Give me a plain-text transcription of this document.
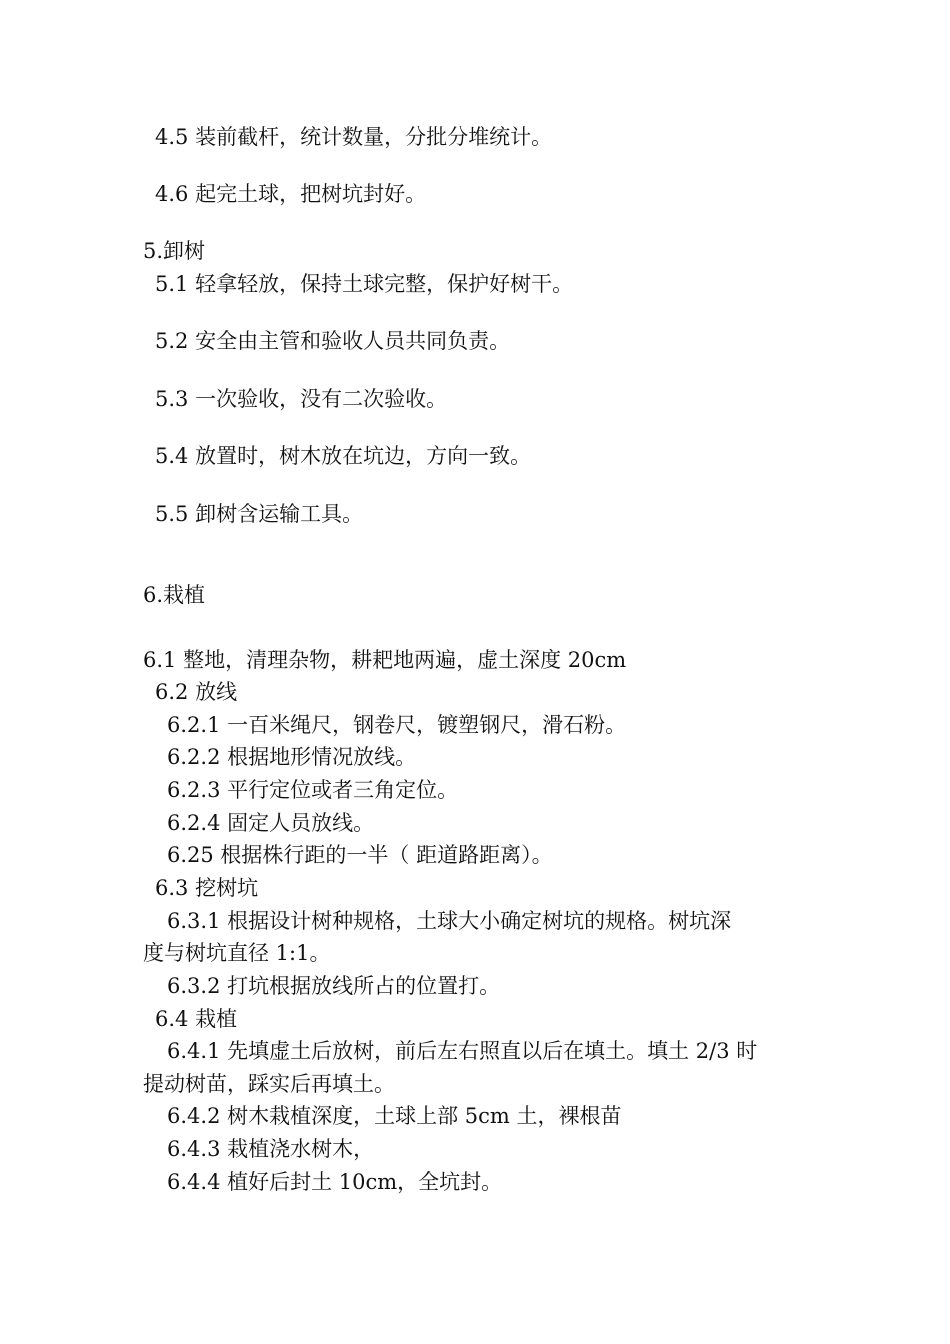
4.5 装前截杆，统计数量，分批分堆统计。
4.6 起完土球，把树坑封好。
5.卸树
5.1 轻拿轻放，保持土球完整，保护好树干。
5.2 安全由主管和验收人员共同负责。
5.3 一次验收，没有二次验收。
5.4 放置时，树木放在坑边，方向一致。
5.5 卸树含运输工具。
6.栽植
6.1 整地，清理杂物，耕耙地两遍，虚土深度 20cm
6.2 放线
6.2.1 一百米绳尺，钢卷尺，镀塑钢尺，滑石粉。
6.2.2 根据地形情况放线。
6.2.3 平行定位或者三角定位。
6.2.4 固定人员放线。
6.25 根据株行距的一半（ 距道路距离）。
6.3 挖树坑
6.3.1 根据设计树种规格，土球大小确定树坑的规格。树坑深
度与树坑直径 1:1。
6.3.2 打坑根据放线所占的位置打。
6.4 栽植
6.4.1 先填虚土后放树，前后左右照直以后在填土。填土 2/3 时
提动树苗，踩实后再填土。
6.4.2 树木栽植深度，土球上部 5cm 土，裸根苗
6.4.3 栽植浇水树木，
6.4.4 植好后封土 10cm，全坑封。
